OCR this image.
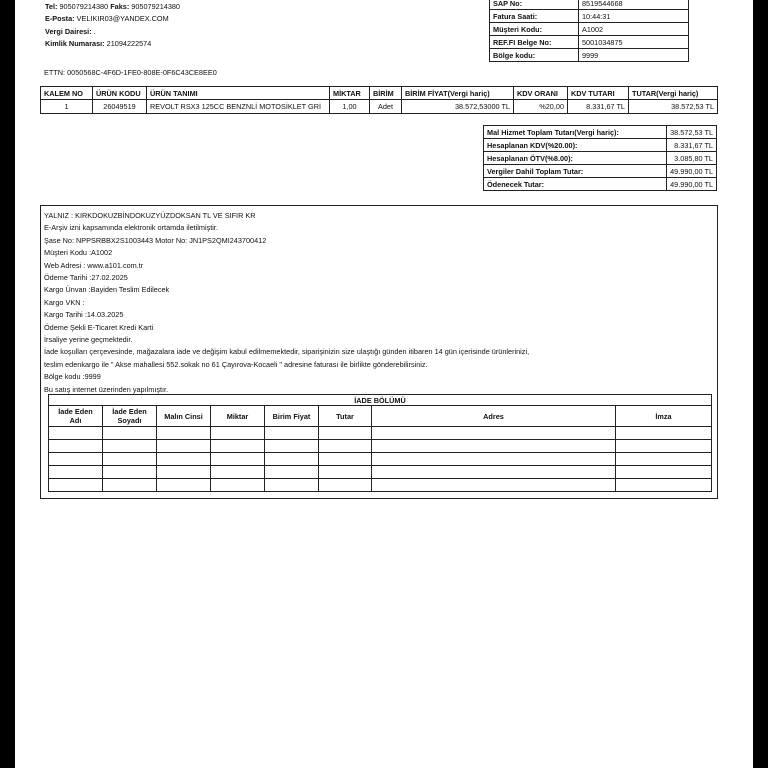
Tel: 905079214380 Faks: 905079214380
E-Posta: VELIKIR03@YANDEX.COM
Vergi Dairesi: .
Kimlik Numarası: 21094222574
SAP No:	8519544668
Fatura Saati:	10:44:31
Müşteri Kodu:	A1002
REF.FI Belge No:	5001034875
Bölge kodu:	9999
ETTN: 0050568C-4F6D-1FE0-808E-0F6C43CE8EE0
KALEM NO	ÜRÜN KODU	ÜRÜN TANIMI	MİKTAR	BİRİM	BİRİM FİYAT(Vergi hariç)	KDV ORANI	KDV TUTARI	TUTAR(Vergi hariç)
1	26049519	REVOLT RSX3 125CC BENZNLİ MOTOSİKLET GRİ	1,00	Adet	38.572,53000 TL	%20,00	8.331,67 TL	38.572,53 TL
Mal Hizmet Toplam Tutarı(Vergi hariç):	38.572,53 TL
Hesaplanan KDV(%20.00):	8.331,67 TL
Hesaplanan ÖTV(%8.00):	3.085,80 TL
Vergiler Dahil Toplam Tutar:	49.990,00 TL
Ödenecek Tutar:	49.990,00 TL
YALNIZ : KIRKDOKUZBİNDOKUZYÜZDOKSAN TL VE SIFIR KR
E-Arşiv izni kapsamında elektronik ortamda iletilmiştir.
Şase No: NPPSRBBX2S1003443 Motor No: JN1PS2QMI243700412
Müşteri Kodu :A1002
Web Adresi : www.a101.com.tr
Ödeme Tarihi :27.02.2025
Kargo Ünvan :Bayiden Teslim Edilecek
Kargo VKN :
Kargo Tarihi :14.03.2025
Ödeme Şekli E-Ticaret Kredi Karti
İrsaliye yerine geçmektedir.
İade koşulları çerçevesinde, mağazalara iade ve değişim kabul edilmemektedir, siparişinizin size ulaştığı günden itibaren 14 gün içerisinde ürünlerinizi,
teslim edenkargo ile " Akse mahallesi 552.sokak no 61 Çayırova-Kocaeli " adresine faturası ile birlikte gönderebilirsiniz.
Bölge kodu :9999
Bu satış internet üzerinden yapılmıştır.
İADE BÖLÜMÜ							
İade Eden Adı	İade Eden Soyadı	Malın Cinsi	Miktar	Birim Fiyat	Tutar	Adres	İmza
